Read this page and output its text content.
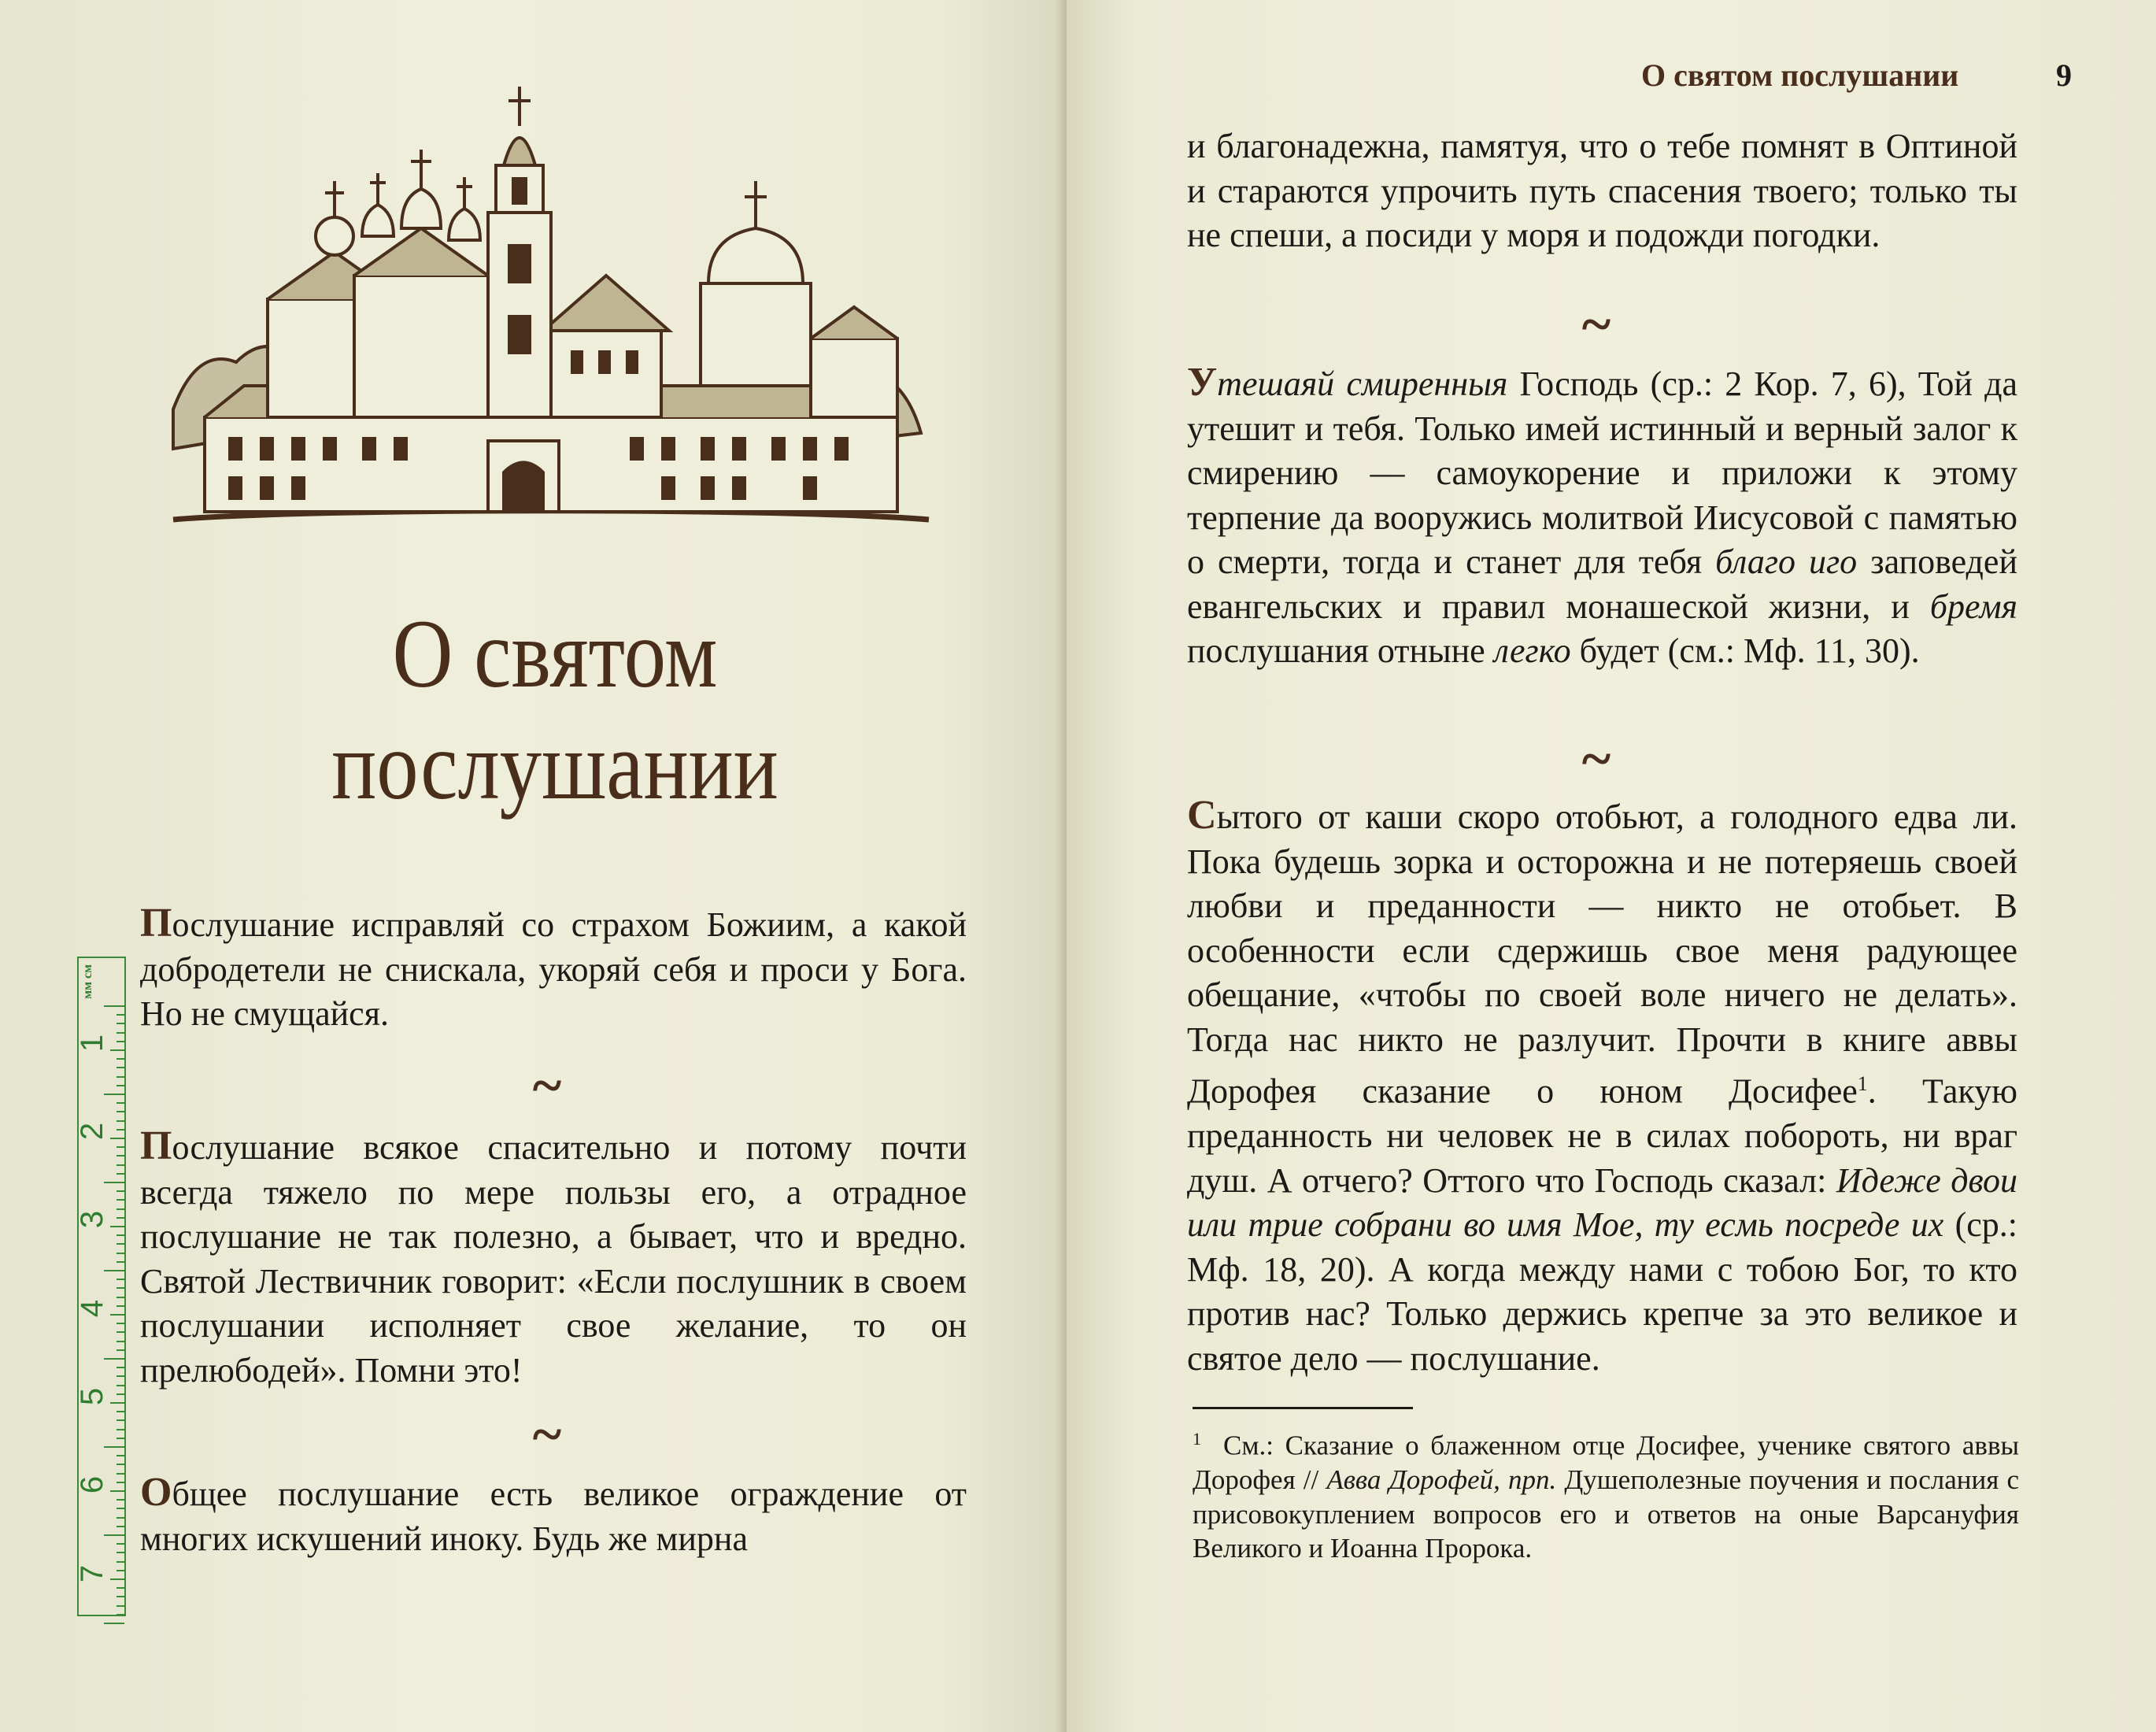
О святом
послушании
Послушание исправляй со страхом Божиим, а какой добродетели не снискала, укоряй себя и проси у Бога. Но не смущайся.
~
Послушание всякое спасительно и потому почти всегда тяжело по мере пользы его, а отрадное послушание не так полезно, а бывает, что и вредно. Святой Лествичник говорит: «Если послушник в своем послушании исполняет свое желание, то он прелюбодей». Помни это!
~
Общее послушание есть великое ограждение от многих искушений иноку. Будь же мирна
мм см
1
2
3
4
5
6
7
О святом послушании	9
и благонадежна, памятуя, что о тебе помнят в Оптиной и стараются упрочить путь спасения твоего; только ты не спеши, а посиди у моря и подожди погодки.
~
Утешаяй смиренныя Господь (ср.: 2 Кор. 7, 6), Той да утешит и тебя. Только имей истинный и верный залог к смирению — самоукорение и приложи к этому терпение да вооружись молитвой Иисусовой с памятью о смерти, тогда и станет для тебя благо иго заповедей евангельских и правил монашеской жизни, и бремя послушания отныне легко будет (см.: Мф. 11, 30).
~
Сытого от каши скоро отобьют, а голодного едва ли. Пока будешь зорка и осторожна и не потеряешь своей любви и преданности — никто не отобьет. В особенности если сдержишь свое меня радующее обещание, «чтобы по своей воле ничего не делать». Тогда нас никто не разлучит. Прочти в книге аввы Дорофея сказание о юном Досифее$^1$. Такую преданность ни человек не в силах побороть, ни враг душ. А отчего? Оттого что Господь сказал: Идеже двои или трие собрани во имя Мое, ту есмь посреде их (ср.: Мф. 18, 20). А когда между нами с тобою Бог, то кто против нас? Только держись крепче за это великое и святое дело — послушание.
$^1$ См.: Сказание о блаженном отце Досифее, ученике святого аввы Дорофея // Авва Дорофей, прп. Душеполезные поучения и послания с присовокуплением вопросов его и ответов на оные Варсануфия Великого и Иоанна Пророка.
